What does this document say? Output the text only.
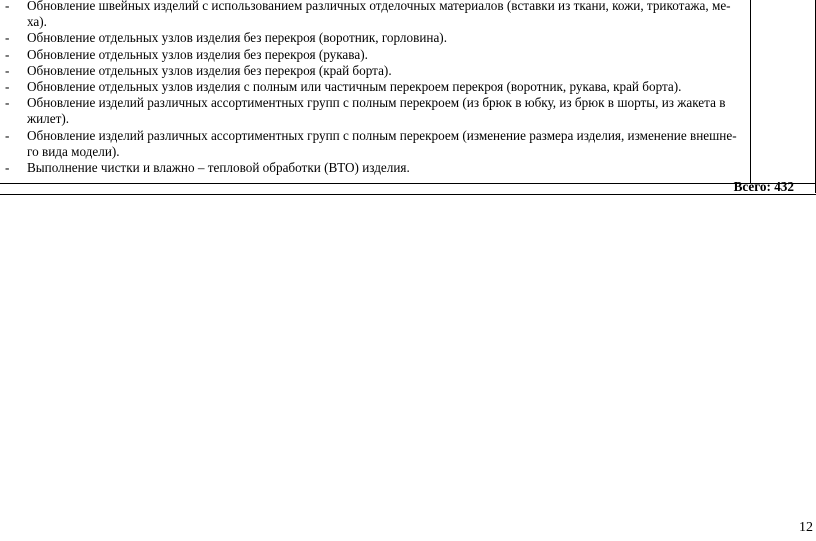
- Обновление швейных изделий с использованием различных отделочных материалов (вставки из ткани, кожи, трикотажа, ме-ха).
- Обновление отдельных узлов изделия без перекроя (воротник, горловина).
- Обновление отдельных узлов изделия без перекроя (рукава).
- Обновление отдельных узлов изделия без перекроя (край борта).
- Обновление отдельных узлов изделия с полным или частичным перекроем перекроя (воротник, рукава, край борта).
- Обновление изделий различных ассортиментных групп с полным перекроем (из брюк в юбку, из брюк в шорты, из жакета в жилет).
- Обновление изделий различных ассортиментных групп с полным перекроем (изменение размера изделия, изменение внешне-го вида модели).
- Выполнение чистки и влажно – тепловой обработки (ВТО) изделия.
Всего: 432
12
